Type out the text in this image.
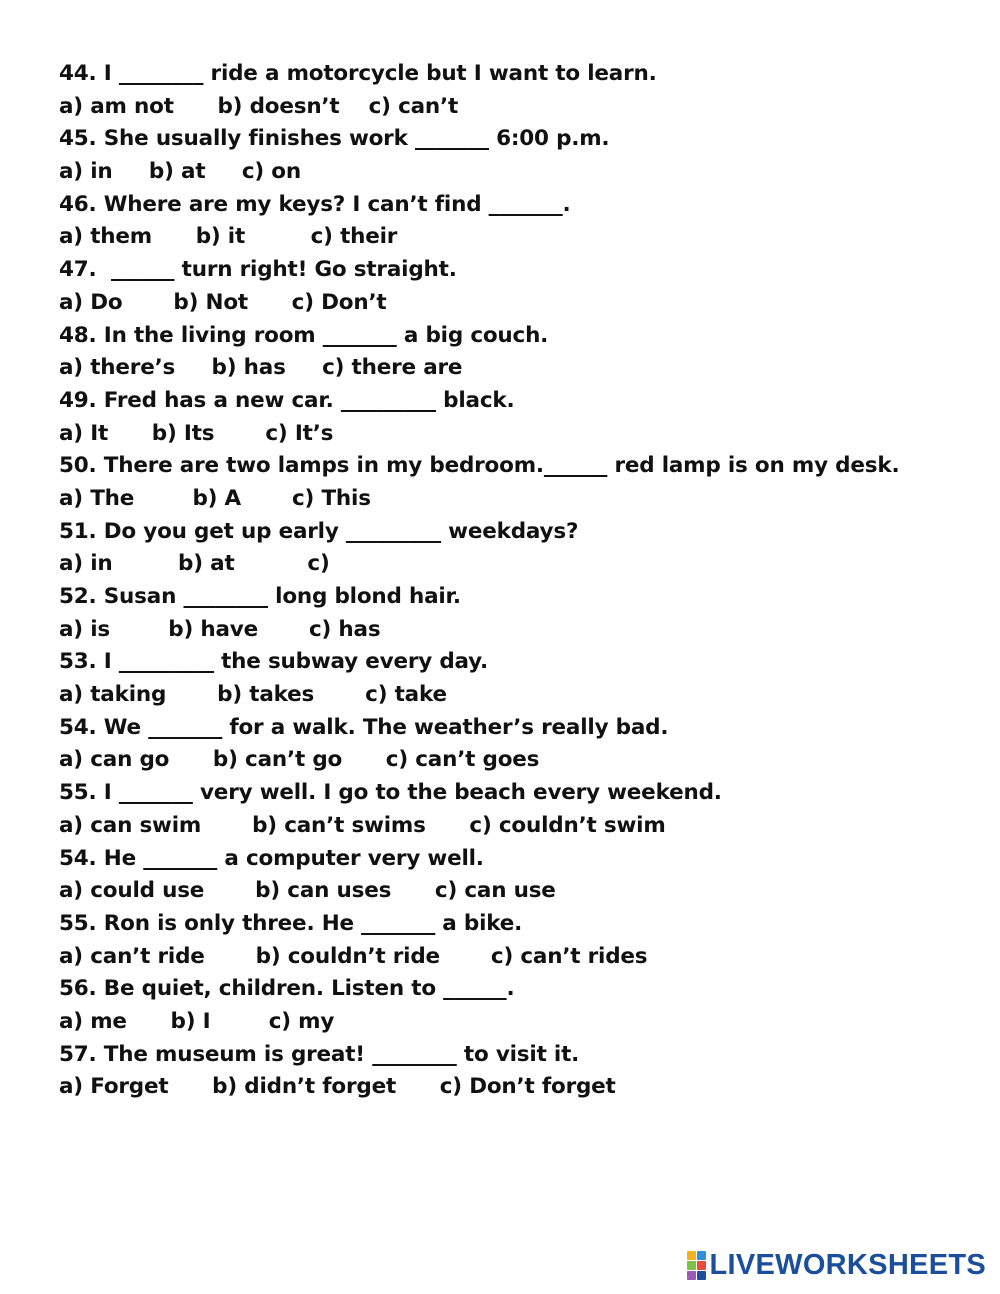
44. I ________ ride a motorcycle but I want to learn.
a) am not      b) doesn’t    c) can’t
45. She usually finishes work _______ 6:00 p.m.
a) in     b) at     c) on
46. Where are my keys? I can’t find _______.
a) them      b) it         c) their
47.  ______ turn right! Go straight.
a) Do       b) Not      c) Don’t
48. In the living room _______ a big couch.
a) there’s     b) has     c) there are
49. Fred has a new car. _________ black.
a) It      b) Its       c) It’s
50. There are two lamps in my bedroom.______ red lamp is on my desk.
a) The        b) A       c) This
51. Do you get up early _________ weekdays?
a) in         b) at          c)
52. Susan ________ long blond hair.
a) is        b) have       c) has
53. I _________ the subway every day.
a) taking       b) takes       c) take
54. We _______ for a walk. The weather’s really bad.
a) can go      b) can’t go      c) can’t goes
55. I _______ very well. I go to the beach every weekend.
a) can swim       b) can’t swims      c) couldn’t swim
54. He _______ a computer very well.
a) could use       b) can uses      c) can use
55. Ron is only three. He _______ a bike.
a) can’t ride       b) couldn’t ride       c) can’t rides
56. Be quiet, children. Listen to ______.
a) me      b) I        c) my
57. The museum is great! ________ to visit it.
a) Forget      b) didn’t forget      c) Don’t forget
LIVEWORKSHEETS
